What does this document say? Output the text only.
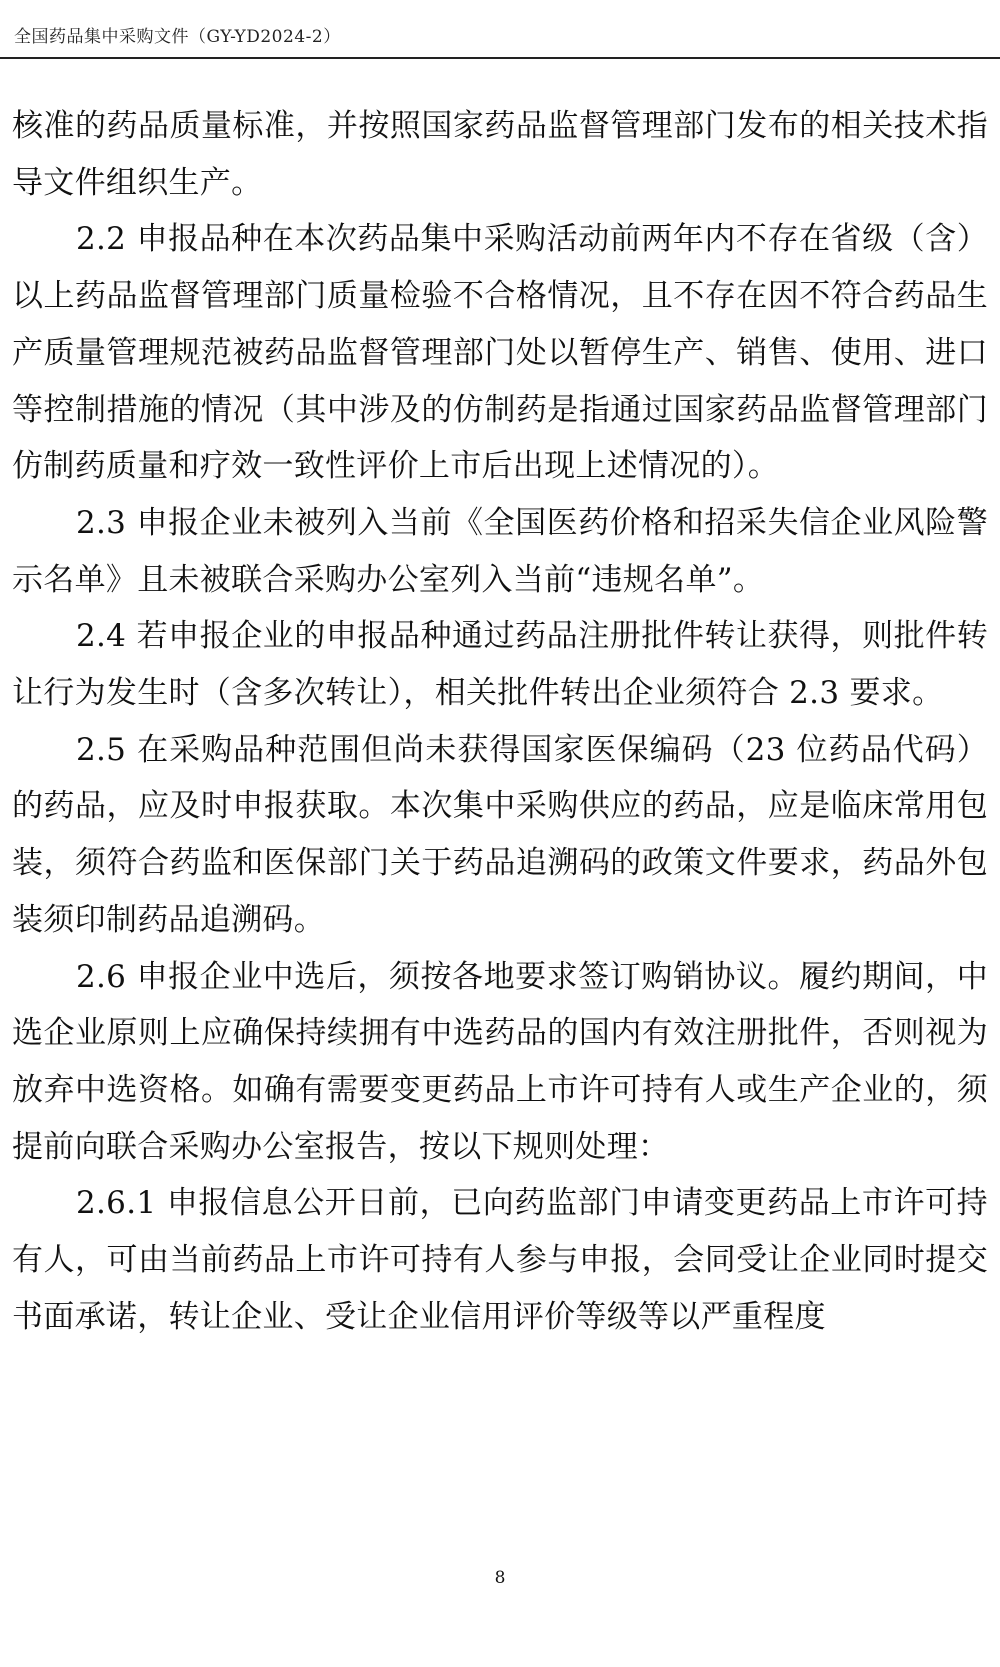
全国药品集中采购文件（GY-YD2024-2）

核准的药品质量标准，并按照国家药品监督管理部门发布的相关技术指导文件组织生产。

2.2 申报品种在本次药品集中采购活动前两年内不存在省级（含）以上药品监督管理部门质量检验不合格情况，且不存在因不符合药品生产质量管理规范被药品监督管理部门处以暂停生产、销售、使用、进口等控制措施的情况（其中涉及的仿制药是指通过国家药品监督管理部门仿制药质量和疗效一致性评价上市后出现上述情况的）。

2.3 申报企业未被列入当前《全国医药价格和招采失信企业风险警示名单》且未被联合采购办公室列入当前“违规名单”。

2.4 若申报企业的申报品种通过药品注册批件转让获得，则批件转让行为发生时（含多次转让），相关批件转出企业须符合 2.3 要求。

2.5 在采购品种范围但尚未获得国家医保编码（23 位药品代码）的药品，应及时申报获取。本次集中采购供应的药品，应是临床常用包装，须符合药监和医保部门关于药品追溯码的政策文件要求，药品外包装须印制药品追溯码。

2.6 申报企业中选后，须按各地要求签订购销协议。履约期间，中选企业原则上应确保持续拥有中选药品的国内有效注册批件，否则视为放弃中选资格。如确有需要变更药品上市许可持有人或生产企业的，须提前向联合采购办公室报告，按以下规则处理：

2.6.1 申报信息公开日前，已向药监部门申请变更药品上市许可持有人，可由当前药品上市许可持有人参与申报，会同受让企业同时提交书面承诺，转让企业、受让企业信用评价等级等以严重程度

8
